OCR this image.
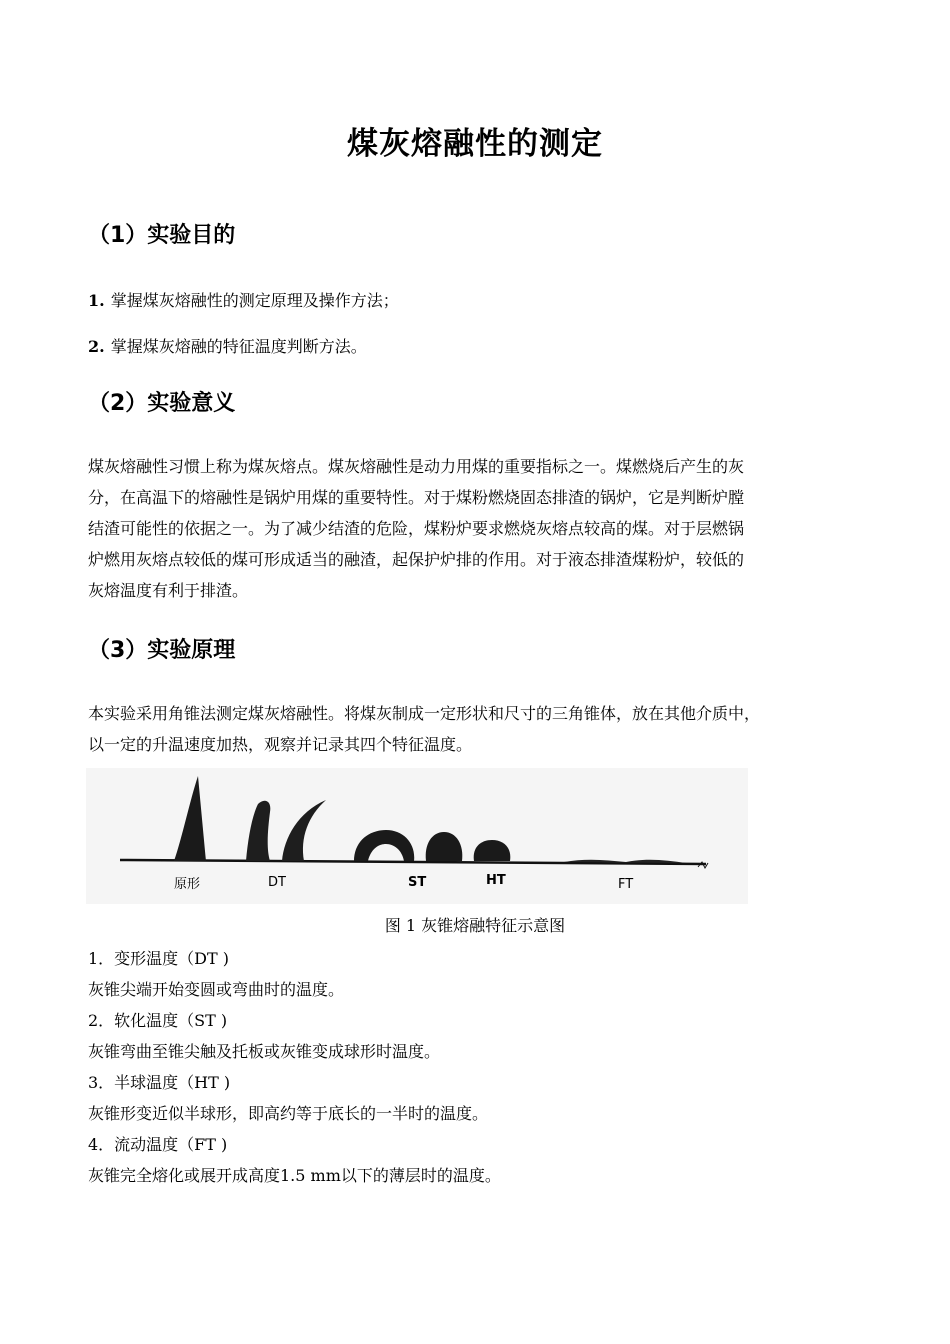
煤灰熔融性的测定
（1）实验目的
1. 掌握煤灰熔融性的测定原理及操作方法；
2. 掌握煤灰熔融的特征温度判断方法。
（2）实验意义
煤灰熔融性习惯上称为煤灰熔点。煤灰熔融性是动力用煤的重要指标之一。煤燃烧后产生的灰
分，在高温下的熔融性是锅炉用煤的重要特性。对于煤粉燃烧固态排渣的锅炉，它是判断炉膛
结渣可能性的依据之一。为了减少结渣的危险，煤粉炉要求燃烧灰熔点较高的煤。对于层燃锅
炉燃用灰熔点较低的煤可形成适当的融渣，起保护炉排的作用。对于液态排渣煤粉炉，较低的
灰熔温度有利于排渣。
（3）实验原理
本实验采用角锥法测定煤灰熔融性。将煤灰制成一定形状和尺寸的三角锥体，放在其他介质中，
以一定的升温速度加热，观察并记录其四个特征温度。
原形	DT	ST	HT	FT
图 1 灰锥熔融特征示意图
1．变形温度（DT )
灰锥尖端开始变圆或弯曲时的温度。
2．软化温度（ST )
灰锥弯曲至锥尖触及托板或灰锥变成球形时温度。
3．半球温度（HT )
灰锥形变近似半球形，即高约等于底长的一半时的温度。
4．流动温度（FT )
灰锥完全熔化或展开成高度1.5 mm以下的薄层时的温度。
